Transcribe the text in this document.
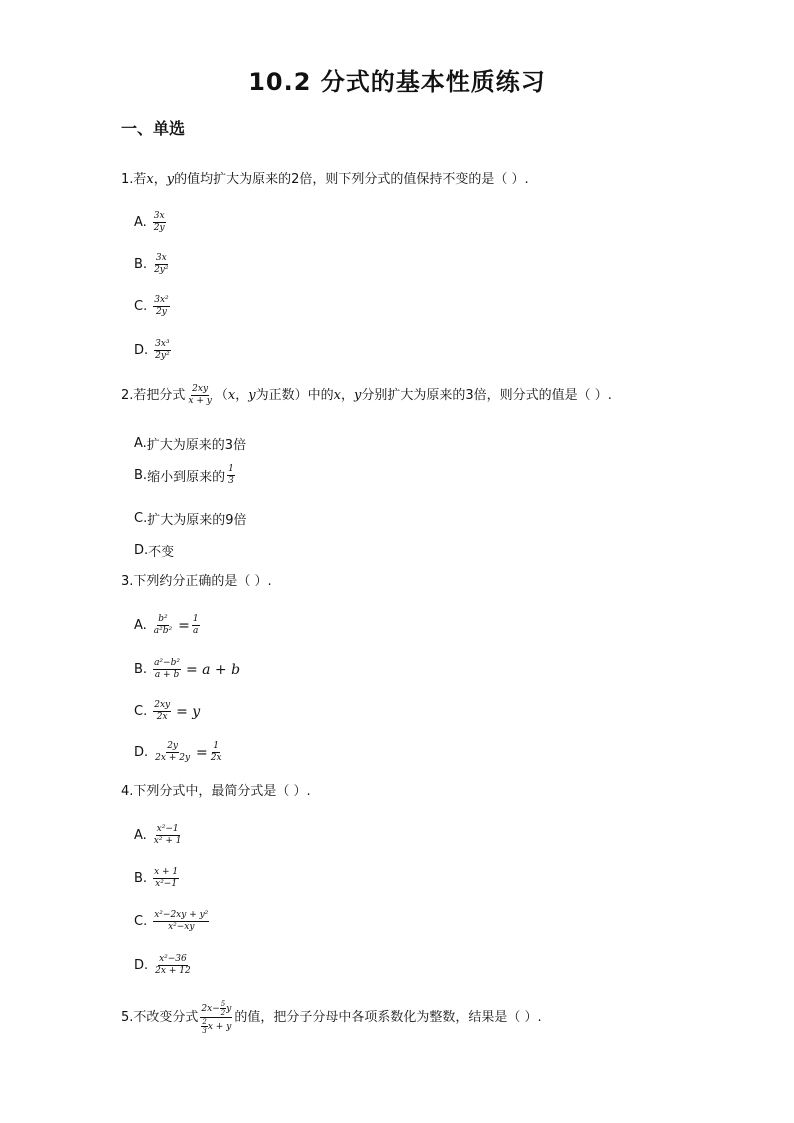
10.2 分式的基本性质练习
一、单选
1.若x，y的值均扩大为原来的2倍，则下列分式的值保持不变的是（ ）.
A. $\frac{3x}{2y}$
B. $\frac{3x}{\text{2y²}}$
C. $\frac{\text{3x²}}{2y}$
D. $\frac{\text{3x³}}{\text{2y²}}$
2.若把分式 $\frac{2xy}{x + y}$ （ x ， y 为正数）中的 x ， y 分别扩大为原来的3倍，则分式的值是（ ）.
A. 扩大为原来的3倍
B. 缩小到原来的 $\frac{1}{3}$
C. 扩大为原来的9倍
D. 不变
3.下列约分正确的是（ ）.
A. $\frac{\text{b²}}{\text{a²b²}} = \frac{1}{a}$
B. $\frac{\text{a²−b²}}{a + b} = a + b$
C. $\frac{2xy}{2x} = y$
D. $\frac{2y}{2x + 2y} = \frac{1}{2x}$
4.下列分式中，最简分式是（ ）.
A. $\frac{\text{x²−1}}{\text{x² + 1}}$
B. $\frac{x + 1}{\text{x²−1}}$
C. $\frac{\text{x²−2xy + y²}}{\text{x²−xy}}$
D. $\frac{\text{x²−36}}{2x + 12}$
5.不改变分式 $\frac{2x- \frac{5}{2} y}{\frac{2}{3} x + y}$ 的值，把分子分母中各项系数化为整数，结果是（ ）.
